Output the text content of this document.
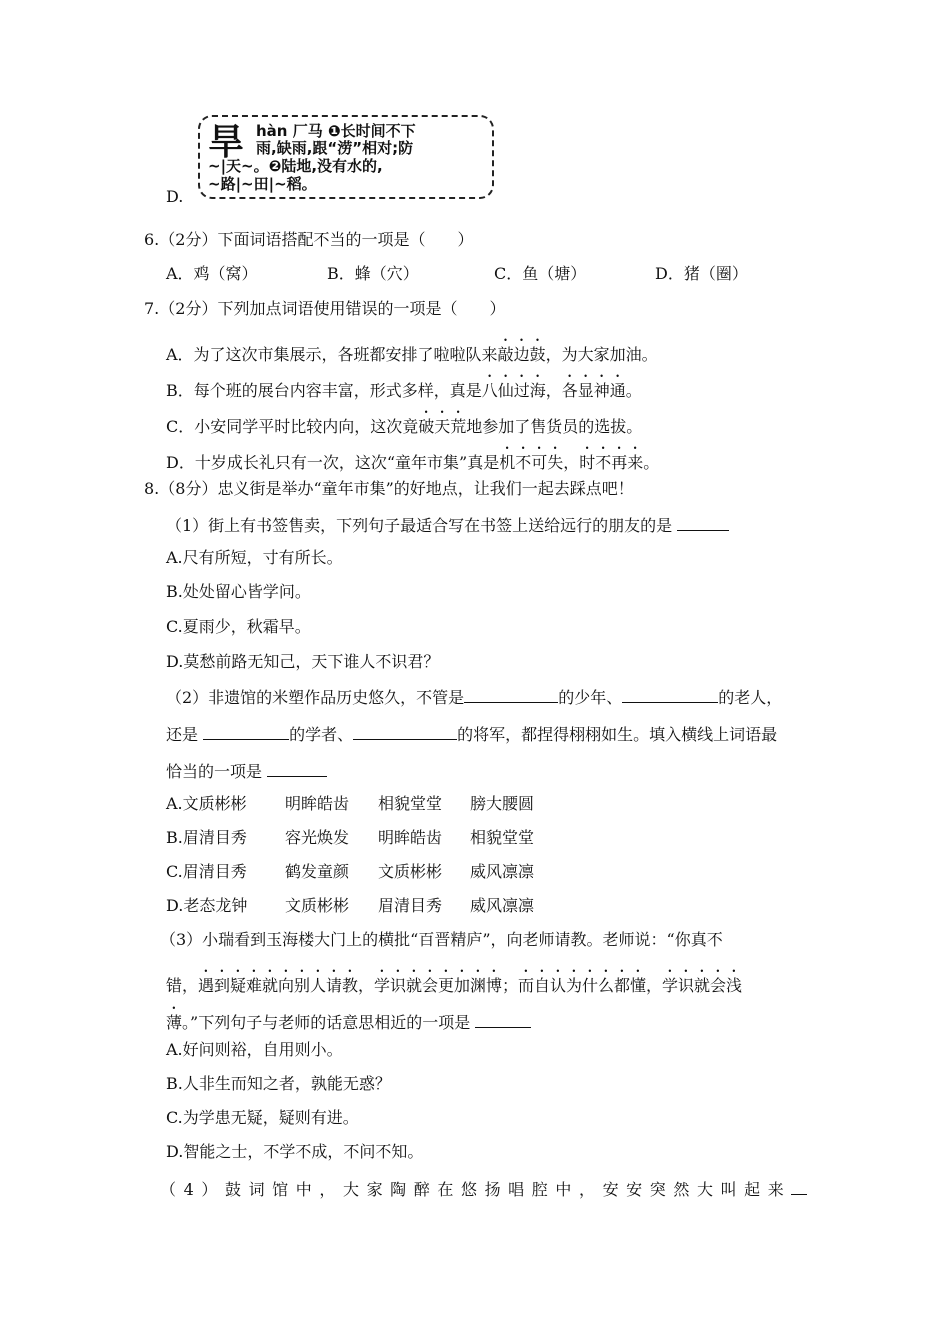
D.
旱 hàn 厂马 ❶长时间不下
雨,缺雨,跟“涝”相对;防
~|天~。❷陆地,没有水的,
~路|~田|~稻。
6.（2分）下面词语搭配不当的一项是（　　）
A．鸡（窝）	B．蜂（穴）	C．鱼（塘）	D．猪（圈）
7.（2分）下列加点词语使用错误的一项是（　　）
A．为了这次市集展示，各班都安排了啦啦队来敲边鼓，为大家加油。
B．每个班的展台内容丰富，形式多样，真是八仙过海，各显神通。
C．小安同学平时比较内向，这次竟破天荒地参加了售货员的选拔。
D．十岁成长礼只有一次，这次“童年市集”真是机不可失，时不再来。
8.（8分）忠义街是举办“童年市集”的好地点，让我们一起去踩点吧！
（1）街上有书签售卖，下列句子最适合写在书签上送给远行的朋友的是
A.尺有所短，寸有所长。
B.处处留心皆学问。
C.夏雨少，秋霜早。
D.莫愁前路无知己，天下谁人不识君？
（2）非遗馆的米塑作品历史悠久，不管是	的少年、	的老人，
还是	的学者、	的将军，都捏得栩栩如生。填入横线上词语最
恰当的一项是
A.文质彬彬 明眸皓齿 相貌堂堂 膀大腰圆
B.眉清目秀 容光焕发 明眸皓齿 相貌堂堂
C.眉清目秀 鹤发童颜 文质彬彬 威风凛凛
D.老态龙钟 文质彬彬 眉清目秀 威风凛凛
（3）小瑞看到玉海楼大门上的横批“百晋精庐”，向老师请教。老师说：“你真不
错，遇到疑难就向别人请教，学识就会更加渊博；而自认为什么都懂，学识就会浅
薄。”下列句子与老师的话意思相近的一项是
A.好问则裕，自用则小。
B.人非生而知之者，孰能无惑？
C.为学患无疑，疑则有进。
D.智能之士，不学不成，不问不知。
（4）鼓词馆中，大家陶醉在悠扬唱腔中，安安突然大叫起来
